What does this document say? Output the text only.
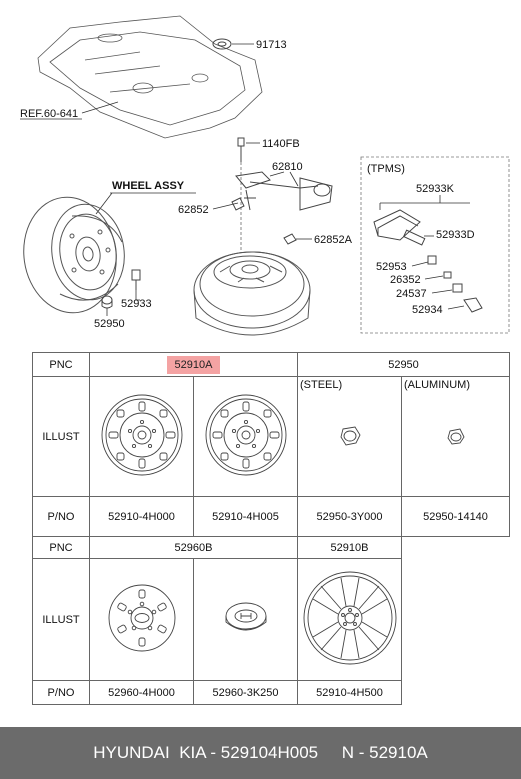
REF.60-641
91713
1140FB
62810
62852
62852A
WHEEL ASSY
52933
52950
(TPMS)
52933K
52933D
52953
26352
24537
52934
PNC	52910A		52950	
ILLUST			(STEEL)	(ALUMINUM)

P/NO	52910-4H000	52910-4H005	52950-3Y000	52950-14140
PNC	52960B		52910B	
ILLUST				
P/NO	52960-4H000	52960-3K250	52910-4H500	
HYUNDAI  KIA - 529104H005     N - 52910A
